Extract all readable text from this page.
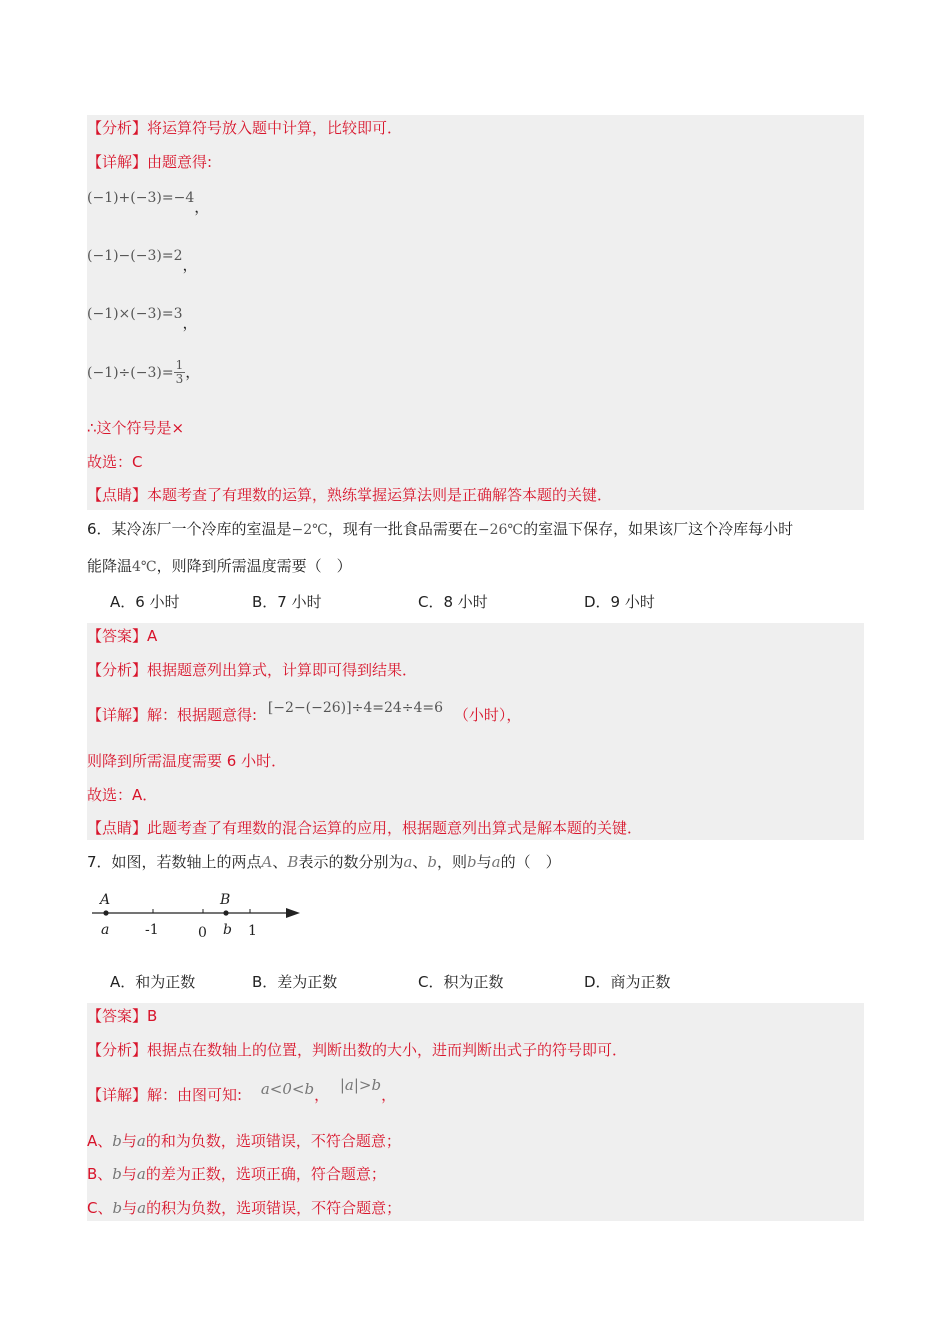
【分析】将运算符号放入题中计算，比较即可．
【详解】由题意得:
(−1)+(−3)=−4，
(−1)−(−3)=2，
(−1)×(−3)=3，
$(-1)\div(-3)= \frac{1}{3}$ ，
∴这个符号是×
故选：C
【点睛】本题考查了有理数的运算，熟练掌握运算法则是正确解答本题的关键．
6．某冷冻厂一个冷库的室温是−2℃，现有一批食品需要在−26℃的室温下保存，如果该厂这个冷库每小时
能降温4℃，则降到所需温度需要（　）
A．6 小时	B．7 小时	C．8 小时	D．9 小时
【答案】A
【分析】根据题意列出算式，计算即可得到结果．
【详解】解：根据题意得: [−2−(−26)]÷4=24÷4=6 （小时），
则降到所需温度需要 6 小时．
故选：A．
【点睛】此题考查了有理数的混合运算的应用，根据题意列出算式是解本题的关键．
7．如图，若数轴上的两点A、B表示的数分别为a、b，则b与a的（　）
A	B
a	-1	0 b 1
A．和为正数	B．差为正数	C．积为正数	D．商为正数
【答案】B
【分析】根据点在数轴上的位置，判断出数的大小，进而判断出式子的符号即可．
【详解】解：由图可知: a<0<b， |a|>b，
A、b与a的和为负数，选项错误，不符合题意；
B、b与a的差为正数，选项正确，符合题意；
C、b与a的积为负数，选项错误，不符合题意；
